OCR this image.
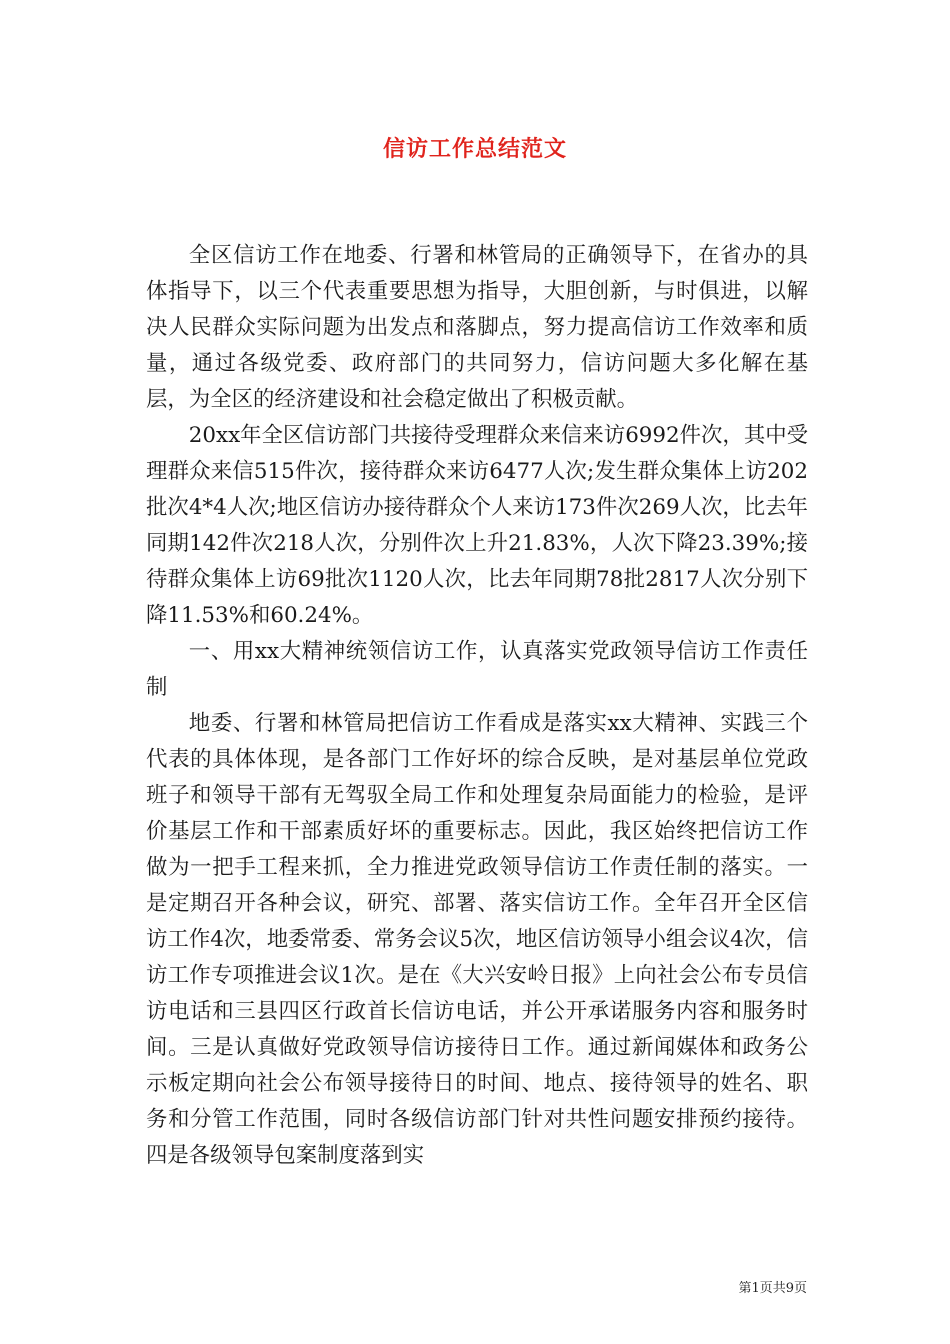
信访工作总结范文

全区信访工作在地委、行署和林管局的正确领导下，在省办的具体指导下，以三个代表重要思想为指导，大胆创新，与时俱进，以解决人民群众实际问题为出发点和落脚点，努力提高信访工作效率和质量，通过各级党委、政府部门的共同努力，信访问题大多化解在基层，为全区的经济建设和社会稳定做出了积极贡献。

20xx年全区信访部门共接待受理群众来信来访6992件次，其中受理群众来信515件次，接待群众来访6477人次;发生群众集体上访202批次4*4人次;地区信访办接待群众个人来访173件次269人次，比去年同期142件次218人次，分别件次上升21.83%，人次下降23.39%;接待群众集体上访69批次1120人次，比去年同期78批2817人次分别下降11.53%和60.24%。

一、用xx大精神统领信访工作，认真落实党政领导信访工作责任制

地委、行署和林管局把信访工作看成是落实xx大精神、实践三个代表的具体体现，是各部门工作好坏的综合反映，是对基层单位党政班子和领导干部有无驾驭全局工作和处理复杂局面能力的检验，是评价基层工作和干部素质好坏的重要标志。因此，我区始终把信访工作做为一把手工程来抓，全力推进党政领导信访工作责任制的落实。一是定期召开各种会议，研究、部署、落实信访工作。全年召开全区信访工作4次，地委常委、常务会议5次，地区信访领导小组会议4次，信访工作专项推进会议1次。是在《大兴安岭日报》上向社会公布专员信访电话和三县四区行政首长信访电话，并公开承诺服务内容和服务时间。三是认真做好党政领导信访接待日工作。通过新闻媒体和政务公示板定期向社会公布领导接待日的时间、地点、接待领导的姓名、职务和分管工作范围，同时各级信访部门针对共性问题安排预约接待。四是各级领导包案制度落到实

第1页共9页
